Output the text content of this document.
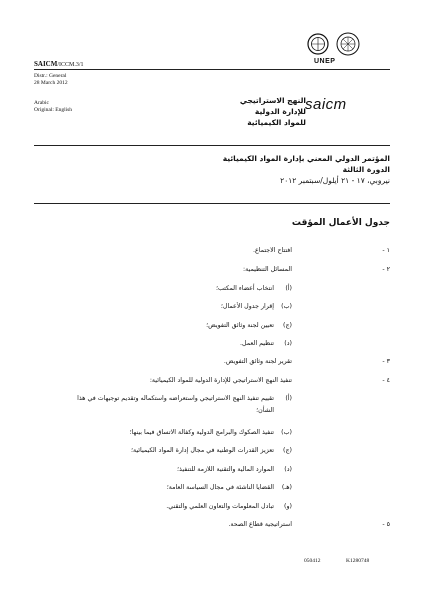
UNEP
SAICM/ICCM.3/1
Distr.: General
28 March 2012
Arabic
Original: English	saicm
النهج الاستراتيجي
للإدارة الدولية
للمواد الكيميائية
المؤتمر الدولي المعني بإدارة المواد الكيميائية
الدورة الثالثة
نيروبي، ١٧ - ٢١ أيلول/سبتمبر ٢٠١٢
جدول الأعمال المؤقت
١ -
افتتاح الاجتماع.
٢ -
المسائل التنظيمية:
(أ)
انتخاب أعضاء المكتب؛
(ب)
إقرار جدول الأعمال؛
(ج)
تعيين لجنة وثائق التفويض؛
(د)
تنظيم العمل.
٣ -
تقرير لجنة وثائق التفويض.
٤ -
تنفيذ النهج الاستراتيجي للإدارة الدولية للمواد الكيميائية:
(أ)
تقييم تنفيذ النهج الاستراتيجي واستعراضه واستكماله وتقديم توجيهات في هذا
الشأن؛
(ب)
تنفيذ الصكوك والبرامج الدولية وكفالة الاتساق فيما بينها؛
(ج)
تعزيز القدرات الوطنية في مجال إدارة المواد الكيميائية؛
(د)
الموارد المالية والتقنية اللازمة للتنفيذ؛
(هـ)
القضايا الناشئة في مجال السياسة العامة؛
(و)
تبادل المعلومات والتعاون العلمي والتقني.
٥ -
استراتيجية قطاع الصحة.
050412	K1280748
